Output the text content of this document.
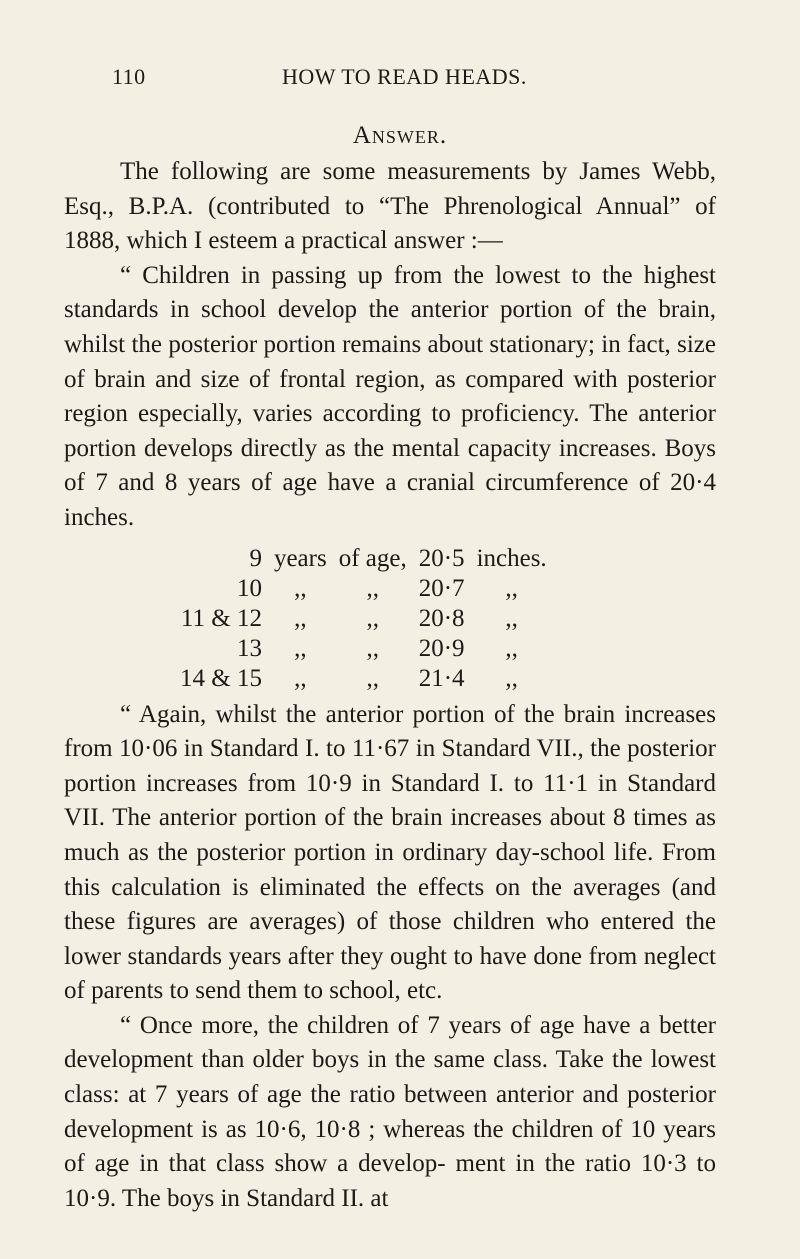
110	HOW TO READ HEADS.
Answer.

The following are some measurements by James Webb, Esq., B.P.A. (contributed to “The Phrenological Annual” of 1888, which I esteem a practical answer :—

“ Children in passing up from the lowest to the highest standards in school develop the anterior portion of the brain, whilst the posterior portion remains about stationary; in fact, size of brain and size of frontal region, as compared with posterior region especially, varies according to proficiency. The anterior portion develops directly as the mental capacity increases. Boys of 7 and 8 years of age have a cranial circumference of 20·4 inches.

9	years	of age,	20·5	inches.
10	,,	,,	20·7	,,
11 & 12	,,	,,	20·8	,,
13	,,	,,	20·9	,,
14 & 15	,,	,,	21·4	,,

“ Again, whilst the anterior portion of the brain increases from 10·06 in Standard I. to 11·67 in Standard VII., the posterior portion increases from 10·9 in Standard I. to 11·1 in Standard VII. The anterior portion of the brain increases about 8 times as much as the posterior portion in ordinary day-school life. From this calculation is eliminated the effects on the averages (and these figures are averages) of those children who entered the lower standards years after they ought to have done from neglect of parents to send them to school, etc.

“ Once more, the children of 7 years of age have a better development than older boys in the same class. Take the lowest class: at 7 years of age the ratio between anterior and posterior development is as 10·6, 10·8 ; whereas the children of 10 years of age in that class show a develop- ment in the ratio 10·3 to 10·9. The boys in Standard II. at
